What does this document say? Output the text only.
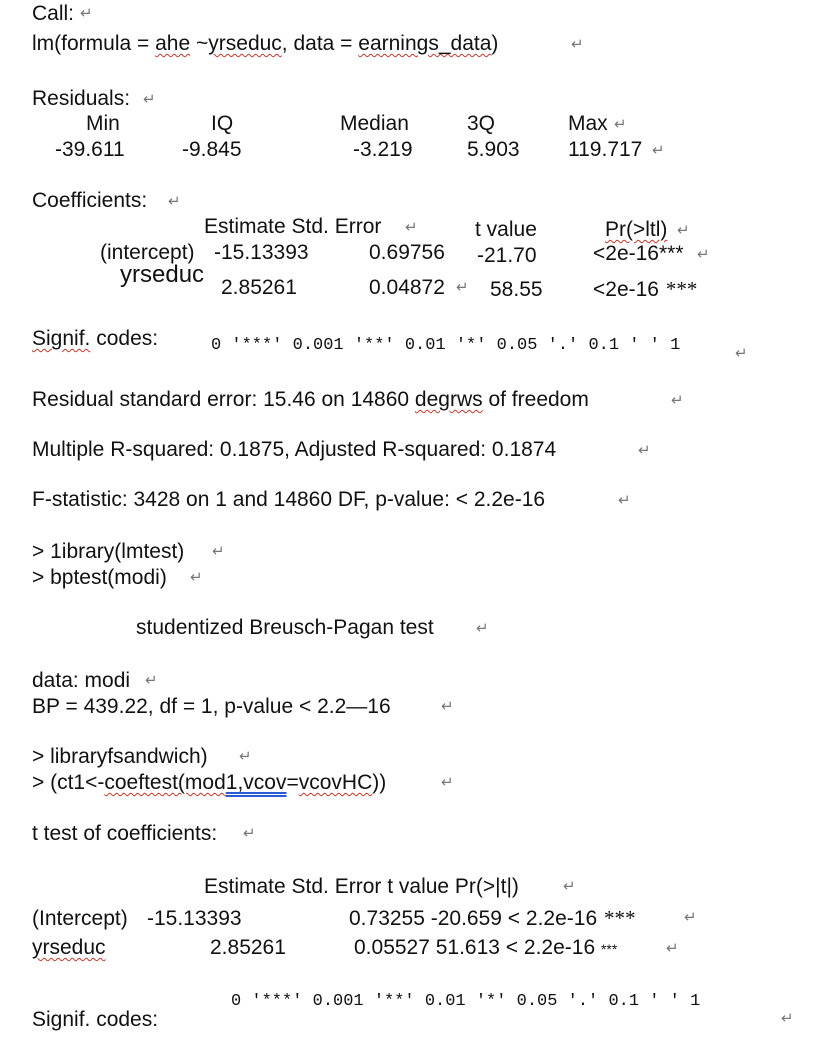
Call:
lm(formula = ahe ~yrseduc, data = earnings_data)
Residuals:
Min	IQ	Median	3Q	Max
-39.611	-9.845	-3.219	5.903 119.717
Coefficients:
Estimate Std. Error	t value	Pr(>ltl)
(intercept) -15.13393	0.69756 -21.70	<2e-16***
yrseduc 2.85261	0.04872 58.55 <2e-16 ***
Signif. codes:	0 '***' 0.001 '**' 0.01 '*' 0.05 '.' 0.1 ' ' 1
Residual standard error: 15.46 on 14860 degrws of freedom
Multiple R-squared: 0.1875, Adjusted R-squared: 0.1874
F-statistic: 3428 on 1 and 14860 DF, p-value: < 2.2e-16
> 1ibrary(lmtest)
> bptest(modi)
studentized Breusch-Pagan test
data: modi
BP = 439.22, df = 1, p-value < 2.2—16
> libraryfsandwich)
> (ct1<-coeftest(mod1,vcov=vcovHC))
t test of coefficients:
Estimate Std. Error t value Pr(>|t|)
(Intercept) -15.13393	0.73255 -20.659 < 2.2e-16 ***
yrseduc	2.85261	0.05527 51.613 < 2.2e-16 ***
0 '***' 0.001 '**' 0.01 '*' 0.05 '.' 0.1 ' ' 1
Signif. codes:
↵
↵
↵
↵
↵
↵
↵	↵
↵
↵
↵
↵
↵
↵
↵
↵
↵
↵
↵
↵
↵
↵
↵
↵
↵
↵
